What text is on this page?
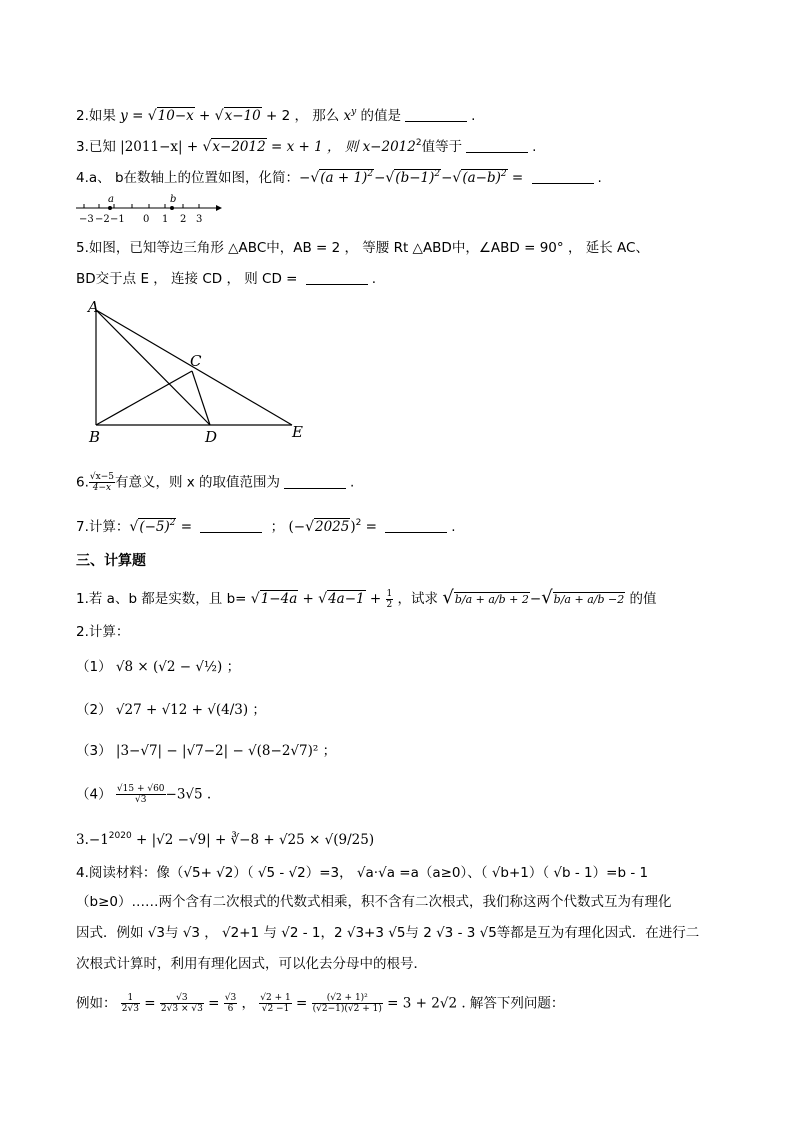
2.如果 y = √10−x + √x−10 + 2 ， 那么 $x^y$ 的值是	.
3.已知 |2011−x| + √x−2012 = x + 1 ， 则 $x-2012^2$值等于	.
4.a、 b在数轴上的位置如图，化简：$-√(a + 1)^2-√(b-1)^2-√(a-b)^2$ =	.
a	b
−3 −2 −1 0 1 2 3
5.如图，已知等边三角形 △ABC中，AB = 2 ， 等腰 Rt △ABD中，∠ABD = 90° ， 延长 AC、
BD交于点 E ， 连接 CD ， 则 CD =	.
A
B
C
D	E
6. $\frac{√x-5}{4-x}$ 有意义，则 x 的取值范围为	.
7.计算：$√(-5)^2$ =	； $(-√2025)^2$ =	.
三、计算题
1.若 a、b 都是实数，且 $b= √1-4a + √4a-1 + \frac{1}{2}$ ，试求 √b/a + a/b + 2−√b/a + a/b −2 的值
2.计算：
（1） √8 × (√2 − √½) ；
（2） √27 + √12 + √(4/3) ；
（3） |3−√7| − |√7−2| − √(8−2√7)² ；
$(4) \frac{√15 + √60}{√3} -3√5$ .
$3.-1^{2020} + |√2 -√9|$ + ∛−8 + √25 × √(9/25)
4.阅读材料：像（√5+ √2）（ √5 - √2）=3， √a·√a =a（a≥0）、（ √b+1）（ √b - 1）=b - 1
（b≥0）……两个含有二次根式的代数式相乘，积不含有二次根式，我们称这两个代数式互为有理化
因式．例如 √3与 √3 ， √2+1 与 √2 - 1，2 √3+3 √5与 2 √3 - 3 √5等都是互为有理化因式．在进行二
次根式计算时，利用有理化因式，可以化去分母中的根号．
例如： $\frac{1}{2√3} = \frac{√3}{2√3 \times √3} = \frac{√3}{6}$ ， $\frac{√2 + 1}{√2 -1} = \frac{\text{(√2 + 1)²}}{(√2-1)(√2 + 1)} = 3 + 2√2$ . 解答下列问题：
